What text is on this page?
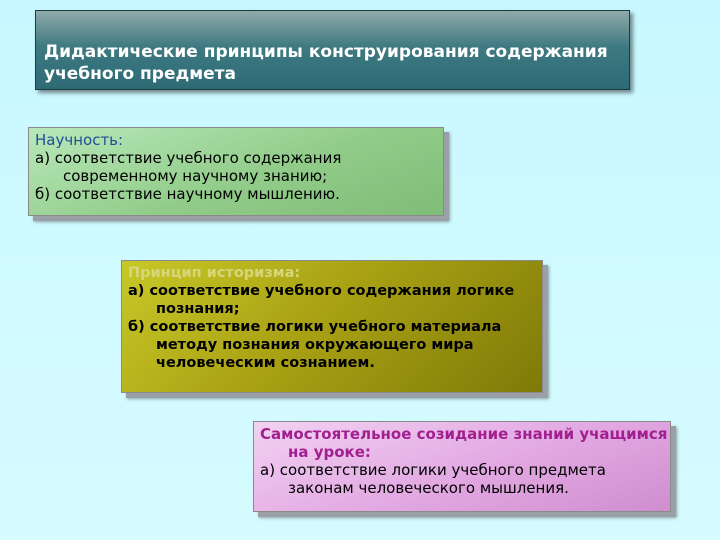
Дидактические принципы конструирования содержания
учебного предмета
Научность:
а) соответствие учебного содержания
современному научному знанию;
б) соответствие научному мышлению.
Принцип историзма:
а) соответствие учебного содержания логике
познания;
б) соответствие логики учебного материала
методу познания окружающего мира
человеческим сознанием.
Самостоятельное созидание знаний учащимся
на уроке:
а) соответствие логики учебного предмета
законам человеческого мышления.
